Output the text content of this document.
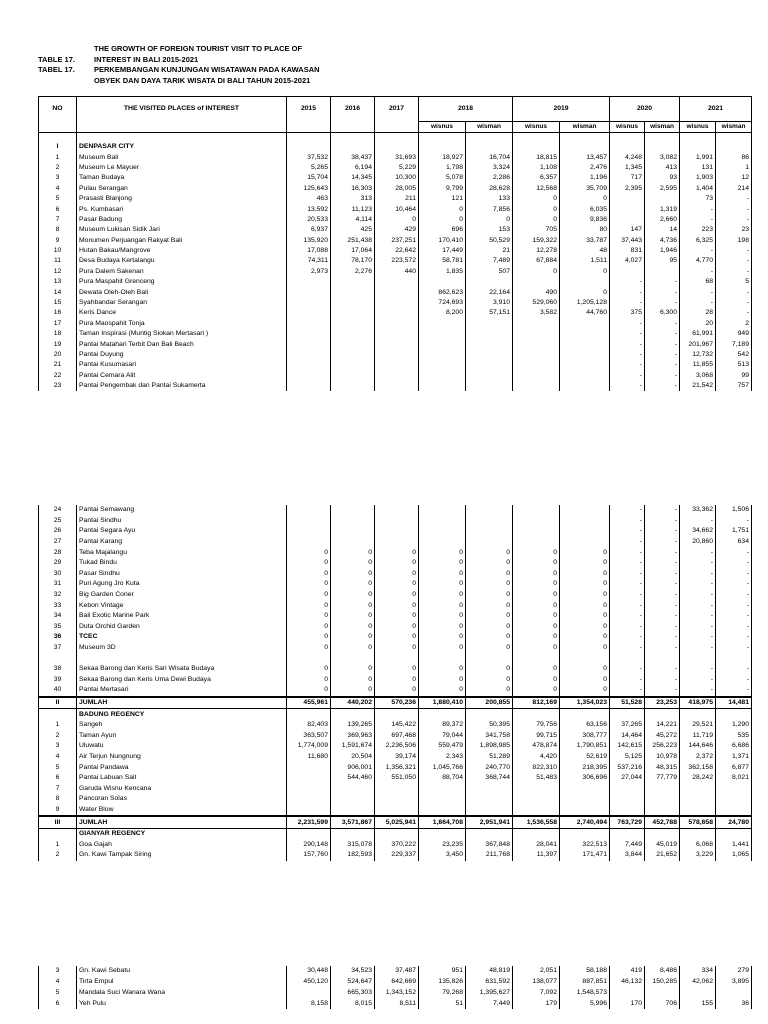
THE GROWTH OF FOREIGN TOURIST VISIT TO PLACE OF
TABLE 17.	INTEREST IN BALI 2015-2021
TABEL 17.	PERKEMBANGAN KUNJUNGAN WISATAWAN PADA KAWASAN
OBYEK DAN DAYA TARIK WISATA DI BALI TAHUN 2015-2021
NO	THE VISITED PLACES of INTEREST	2015	2016	2017	2018		2019		2020		2021	
					wisnus	wisman	wisnus	wisman	wisnus	wisman	wisnus	wisman

I	DENPASAR CITY											
1	Museum Bali	37,532	38,437	31,693	18,927	16,704	18,815	13,457	4,248	3,082	1,991	86
2	Museum Le Mayuer	5,265	6,194	5,229	1,798	3,324	1,108	2,476	1,345	413	131	1
3	Taman Budaya	15,704	14,345	10,300	5,078	2,286	6,357	1,196	717	93	1,903	12
4	Pulau Serangan	125,643	16,303	28,005	9,799	28,628	12,568	35,709	2,395	2,595	1,404	214
5	Prasasti Blanjong	463	313	211	121	133	0	0			73	-
6	Ps. Kumbasari	13,592	11,123	10,464	0	7,856	0	6,035		1,319	-	-
7	Pasar Badung	20,533	4,114	0	0	0	0	9,836		2,660	-	-
8	Museum Lukisan Sidik Jari	6,937	425	429	696	153	705	80	147	14	223	23
9	Monumen Perjuangan Rakyat Bali	135,920	251,438	237,251	170,410	50,529	159,322	33,787	37,443	4,736	6,325	198
10	Hutan Bakau/Mangrove	17,088	17,064	22,642	17,449	21	12,278	48	831	1,946	-	-
11	Desa Budaya Kertalangu	74,311	78,170	223,572	58,781	7,489	67,884	1,511	4,027	95	4,770	-
12	Pura Dalem Sakenan	2,973	2,276	440	1,835	507	0	0			-	-
13	Pura Maspahit Grenceng								-	-	68	5
14	Dewata Oleh-Oleh Bali				862,623	22,164	490	0	-	-	-	-
15	Syahbandar Serangan				724,693	3,910	529,060	1,205,128	-	-	-	-
16	Keris Dance				8,200	57,151	3,582	44,760	375	6,300	28	-
17	Pura Maospahit Tonja								-	-	20	2
18	Taman Inspirasi (Muntig Siokan Mertasari )								-	-	61,991	949
19	Pantai Matahari Terbit Dan Bali Beach								-	-	201,967	7,189
20	Pantai Duyung								-	-	12,732	542
21	Pantai Kusumasari								-	-	11,855	513
22	Pantai Cemara Alit								-	-	3,068	99
23	Pantai Pengembak dan Pantai Sukamerta								-	-	21,542	757
24	Pantai Semawang								-	-	33,362	1,506
25	Pantai Sindhu								-	-	-	-
26	Pantai Segara Ayu								-	-	34,662	1,751
27	Pantai Karang								-	-	20,860	634
28	Teba Majalangu	0	0	0	0	0	0	0	-	-	-	-
29	Tukad Bindu	0	0	0	0	0	0	0	-	-	-	-
30	Pasar Sindhu	0	0	0	0	0	0	0	-	-	-	-
31	Puri Agung Jro Kuta	0	0	0	0	0	0	0	-	-	-	-
32	Big Garden Coner	0	0	0	0	0	0	0	-	-	-	-
33	Kebon Vintage	0	0	0	0	0	0	0	-	-	-	-
34	Bali Exotic Marine Park	0	0	0	0	0	0	0	-	-	-	-
35	Duta Orchid Garden	0	0	0	0	0	0	0	-	-	-	-
36	TCEC	0	0	0	0	0	0	0	-	-	-	-
37	Museum 3D	0	0	0	0	0	0	0	-	-	-	-

38	Sekaa Barong dan Keris Sari Wisata Budaya	0	0	0	0	0	0	0	-	-	-	-
39	Sekaa Barong dan Keris Uma Dewi Budaya	0	0	0	0	0	0	0	-	-	-	-
40	Pantai Mertasari	0	0	0	0	0	0	0	-	-	-	-
II	JUMLAH	455,961	440,202	570,236	1,880,410	200,855	812,169	1,354,023	51,528	23,253	418,975	14,481
	BADUNG REGENCY											
1	Sangeh	82,403	139,265	145,422	89,372	50,395	79,756	63,156	37,265	14,221	29,521	1,290
2	Taman Ayun	363,507	369,963	697,468	79,044	341,758	99,715	308,777	14,464	45,272	11,719	535
3	Uluwatu	1,774,009	1,591,674	2,236,506	559,479	1,898,985	478,874	1,790,851	142,615	256,223	144,646	6,686
4	Air Terjun Nungnung	11,680	20,504	39,174	2,343	51,289	4,420	52,619	5,125	10,978	2,372	1,371
5	Pantai Pandawa		906,001	1,356,321	1,045,766	240,770	822,310	218,395	537,216	48,315	362,158	6,877
6	Pantai Labuan Sait		544,460	551,050	88,704	368,744	51,483	306,696	27,044	77,779	28,242	8,021
7	Garuda Wisnu Kencana											
8	Pancoran Solas											
9	Water Blow											
III	JUMLAH	2,231,599	3,571,867	5,025,941	1,864,708	2,951,941	1,536,558	2,740,494	763,729	452,788	578,658	24,780
	GIANYAR REGENCY											
1	Goa Gajah	290,148	315,078	370,222	23,235	367,848	28,041	322,513	7,449	45,019	6,068	1,441
2	Gn. Kawi Tampak Siring	157,760	182,593	229,337	3,450	211,768	11,397	171,471	3,844	21,652	3,229	1,065
3	Gn. Kawi Sebatu	30,448	34,523	37,487	951	48,819	2,051	58,188	419	8,486	334	279
4	Tirta Empul	450,120	524,647	642,669	135,826	631,592	138,077	887,851	46,132	150,285	42,062	3,895
5	Mandala Suci Wanara Wana		665,303	1,343,152	79,268	1,395,627	7,092	1,548,573				
6	Yeh Pulu	8,158	8,015	8,511	51	7,449	179	5,996	170	706	155	36
